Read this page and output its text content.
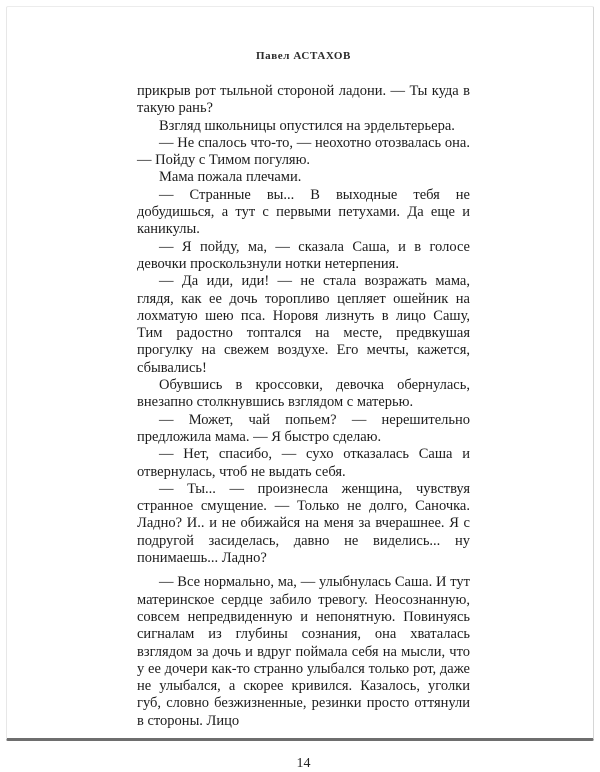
Павел АСТАХОВ

прикрыв рот тыльной стороной ладони. — Ты куда в такую рань?

Взгляд школьницы опустился на эрдельтерьера.

— Не спалось что-то, — неохотно отозвалась она. — Пойду с Тимом погуляю.

Мама пожала плечами.

— Странные вы... В выходные тебя не добудишься, а тут с первыми петухами. Да еще и каникулы.

— Я пойду, ма, — сказала Саша, и в голосе девочки проскользнули нотки нетерпения.

— Да иди, иди! — не стала возражать мама, глядя, как ее дочь торопливо цепляет ошейник на лохматую шею пса. Норовя лизнуть в лицо Сашу, Тим радостно топтался на месте, предвкушая прогулку на свежем воздухе. Его мечты, кажется, сбывались!

Обувшись в кроссовки, девочка обернулась, внезапно столкнувшись взглядом с матерью.

— Может, чай попьем? — нерешительно предложила мама. — Я быстро сделаю.

— Нет, спасибо, — сухо отказалась Саша и отвернулась, чтоб не выдать себя.

— Ты... — произнесла женщина, чувствуя странное смущение. — Только не долго, Саночка. Ладно? И.. и не обижайся на меня за вчерашнее. Я с подругой засиделась, давно не виделись... ну понимаешь... Ладно?

— Все нормально, ма, — улыбнулась Саша. И тут материнское сердце забило тревогу. Неосознанную, совсем непредвиденную и непонятную. Повинуясь сигналам из глубины сознания, она хваталась взглядом за дочь и вдруг поймала себя на мысли, что у ее дочери как-то странно улыбался только рот, даже не улыбался, а скорее кривился. Казалось, уголки губ, словно безжизненные, резинки просто оттянули в стороны. Лицо

14
